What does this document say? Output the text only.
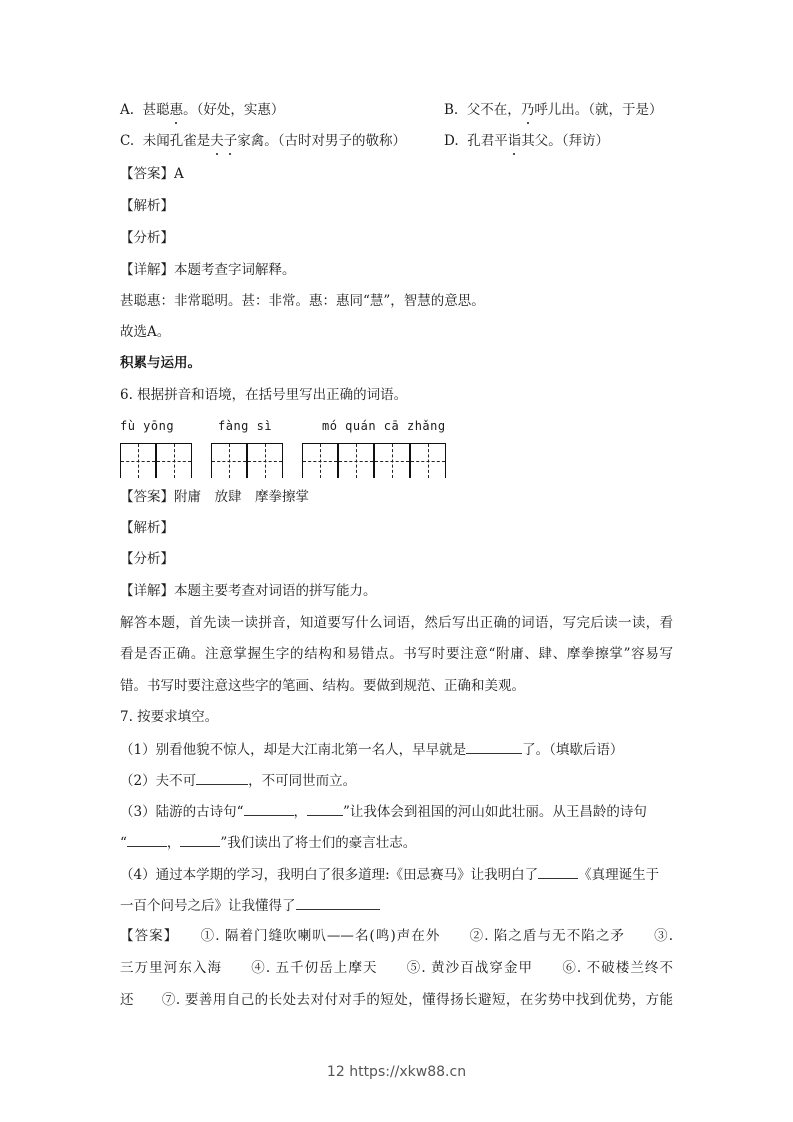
A. 甚聪惠。（好处，实惠）	B. 父不在，乃呼儿出。（就，于是）
C. 未闻孔雀是夫子家禽。（古时对男子的敬称）	D. 孔君平诣其父。（拜访）
【答案】A
【解析】
【分析】
【详解】本题考查字词解释。
甚聪惠：非常聪明。甚：非常。惠：惠同“慧”，智慧的意思。
故选A。
积累与运用。
6. 根据拼音和语境，在括号里写出正确的词语。
fù yōng	fàng sì	mó quán cā zhǎng
【答案】附庸　放肆　摩拳擦掌
【解析】
【分析】
【详解】本题主要考查对词语的拼写能力。
解答本题，首先读一读拼音，知道要写什么词语，然后写出正确的词语，写完后读一读，看
看是否正确。注意掌握生字的结构和易错点。书写时要注意“附庸、肆、摩拳擦掌”容易写
错。书写时要注意这些字的笔画、结构。要做到规范、正确和美观。
7. 按要求填空。
（1）别看他貌不惊人，却是大江南北第一名人，早早就是	了。（填歇后语）
（2）夫不可	，不可同世而立。
（3）陆游的古诗句“	，	”让我体会到祖国的河山如此壮丽。从王昌龄的诗句
“	，	”我们读出了将士们的豪言壮志。
（4）通过本学期的学习，我明白了很多道理:《田忌赛马》让我明白了	《真理诞生于
一百个问号之后》让我懂得了
【答案】　　①. 隔着门缝吹喇叭——名(鸣)声在外　　②. 陷之盾与无不陷之矛　　③.
三万里河东入海　　④. 五千仞岳上摩天　　⑤. 黄沙百战穿金甲　　⑥. 不破楼兰终不
还　　⑦. 要善用自己的长处去对付对手的短处，懂得扬长避短，在劣势中找到优势，方能
12 https://xkw88.cn
